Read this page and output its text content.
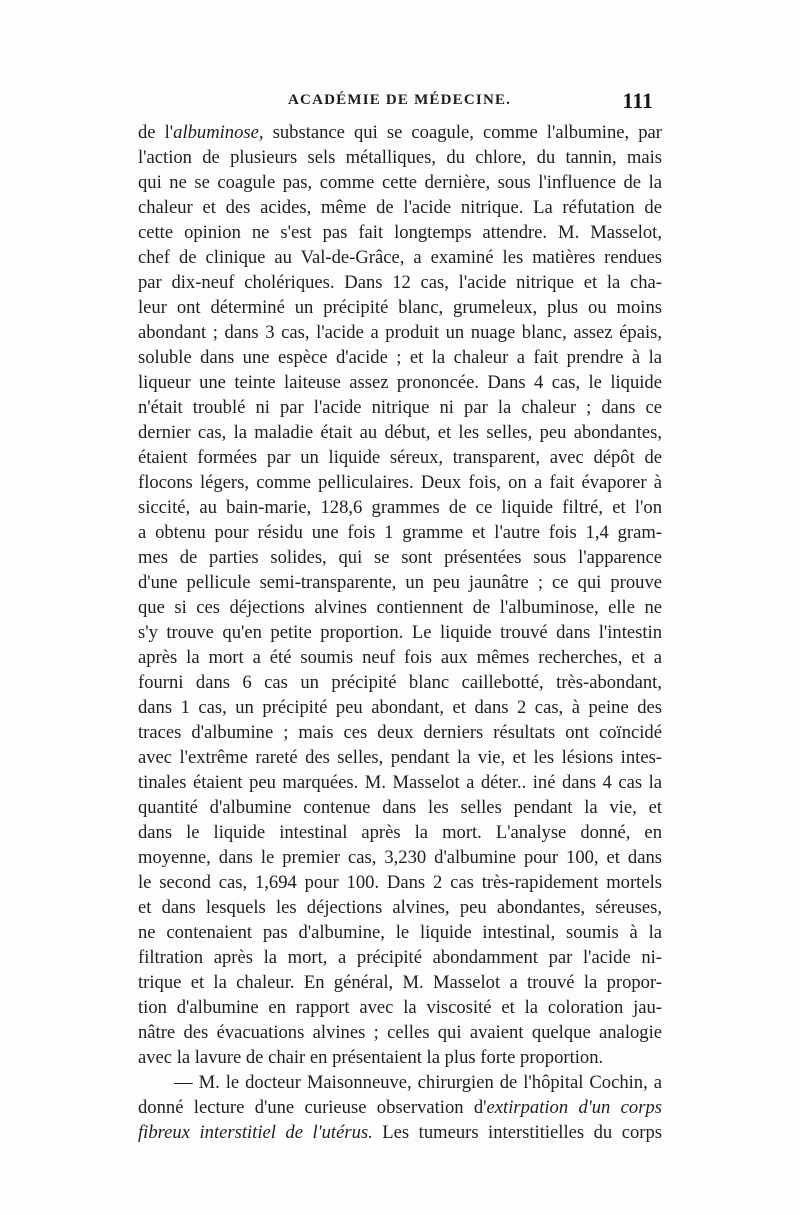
ACADÉMIE DE MÉDECINE.	111
de l'albuminose, substance qui se coagule, comme l'albumine, par
l'action de plusieurs sels métalliques, du chlore, du tannin, mais
qui ne se coagule pas, comme cette dernière, sous l'influence de la
chaleur et des acides, même de l'acide nitrique. La réfutation de
cette opinion ne s'est pas fait longtemps attendre. M. Masselot,
chef de clinique au Val-de-Grâce, a examiné les matières rendues
par dix-neuf cholériques. Dans 12 cas, l'acide nitrique et la cha-
leur ont déterminé un précipité blanc, grumeleux, plus ou moins
abondant ; dans 3 cas, l'acide a produit un nuage blanc, assez épais,
soluble dans une espèce d'acide ; et la chaleur a fait prendre à la
liqueur une teinte laiteuse assez prononcée. Dans 4 cas, le liquide
n'était troublé ni par l'acide nitrique ni par la chaleur ; dans ce
dernier cas, la maladie était au début, et les selles, peu abondantes,
étaient formées par un liquide séreux, transparent, avec dépôt de
flocons légers, comme pelliculaires. Deux fois, on a fait évaporer à
siccité, au bain-marie, 128,6 grammes de ce liquide filtré, et l'on
a obtenu pour résidu une fois 1 gramme et l'autre fois 1,4 gram-
mes de parties solides, qui se sont présentées sous l'apparence
d'une pellicule semi-transparente, un peu jaunâtre ; ce qui prouve
que si ces déjections alvines contiennent de l'albuminose, elle ne
s'y trouve qu'en petite proportion. Le liquide trouvé dans l'intestin
après la mort a été soumis neuf fois aux mêmes recherches, et a
fourni dans 6 cas un précipité blanc caillebotté, très-abondant,
dans 1 cas, un précipité peu abondant, et dans 2 cas, à peine des
traces d'albumine ; mais ces deux derniers résultats ont coïncidé
avec l'extrême rareté des selles, pendant la vie, et les lésions intes-
tinales étaient peu marquées. M. Masselot a déter.. iné dans 4 cas la
quantité d'albumine contenue dans les selles pendant la vie, et
dans le liquide intestinal après la mort. L'analyse donné, en
moyenne, dans le premier cas, 3,230 d'albumine pour 100, et dans
le second cas, 1,694 pour 100. Dans 2 cas très-rapidement mortels
et dans lesquels les déjections alvines, peu abondantes, séreuses,
ne contenaient pas d'albumine, le liquide intestinal, soumis à la
filtration après la mort, a précipité abondamment par l'acide ni-
trique et la chaleur. En général, M. Masselot a trouvé la propor-
tion d'albumine en rapport avec la viscosité et la coloration jau-
nâtre des évacuations alvines ; celles qui avaient quelque analogie
avec la lavure de chair en présentaient la plus forte proportion.
— M. le docteur Maisonneuve, chirurgien de l'hôpital Cochin, a
donné lecture d'une curieuse observation d'extirpation d'un corps
fibreux interstitiel de l'utérus. Les tumeurs interstitielles du corps
